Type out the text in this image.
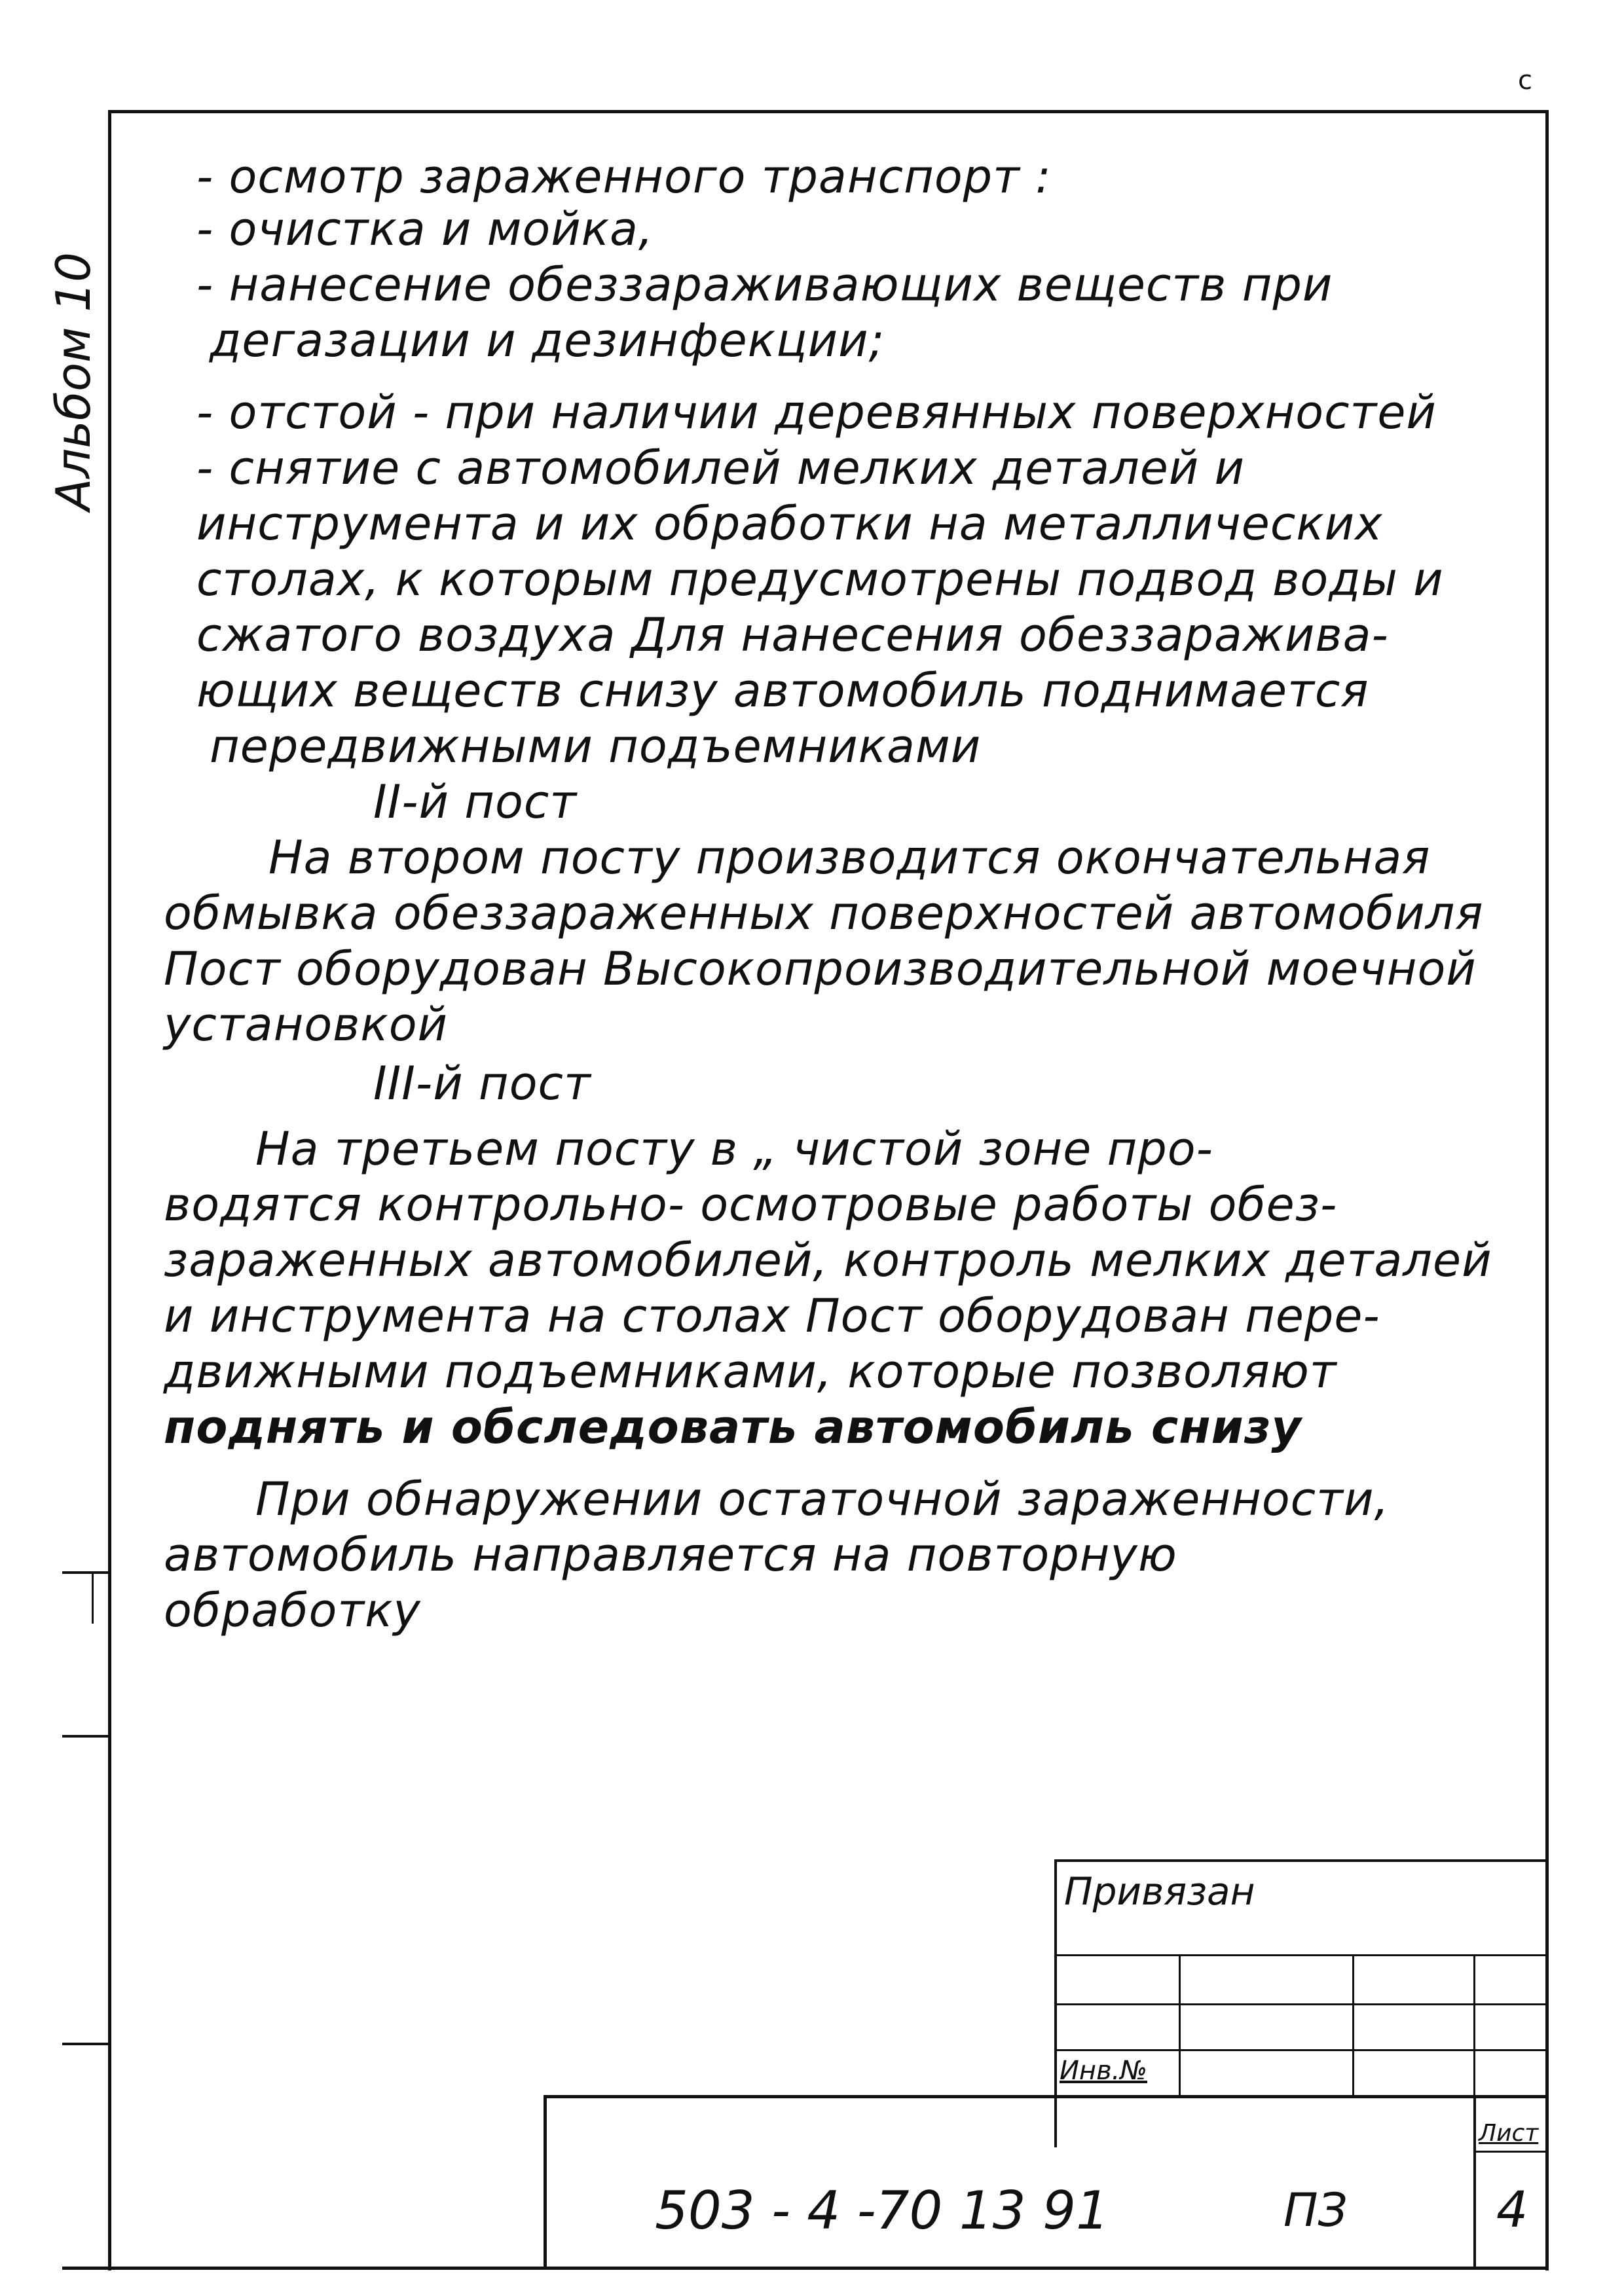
с
Альбом 10
- осмотр зараженного транспорт :
- очистка и мойка,
- нанесение обеззараживающих веществ при
дегазации и дезинфекции;
- отстой - при наличии деревянных поверхностей
- снятие с автомобилей мелких деталей и
инструмента и их обработки на металлических
столах, к которым предусмотрены подвод воды и
сжатого воздуха Для нанесения обеззаражива-
ющих веществ снизу автомобиль поднимается
передвижными подъемниками
II-й пост
На втором посту производится окончательная
обмывка обеззараженных поверхностей автомобиля
Пост оборудован Высокопроизводительной моечной
установкой
III-й пост
На третьем посту в „ чистой зоне про-
водятся контрольно- осмотровые работы обез-
зараженных автомобилей, контроль мелких деталей
и инструмента на столах Пост оборудован пере-
движными подъемниками, которые позволяют
поднять и обследовать автомобиль снизу
При обнаружении остаточной зараженности,
автомобиль направляется на повторную
обработку
Привязан
Инв.№
Лист
503 - 4 -70 13 91	ПЗ	4
